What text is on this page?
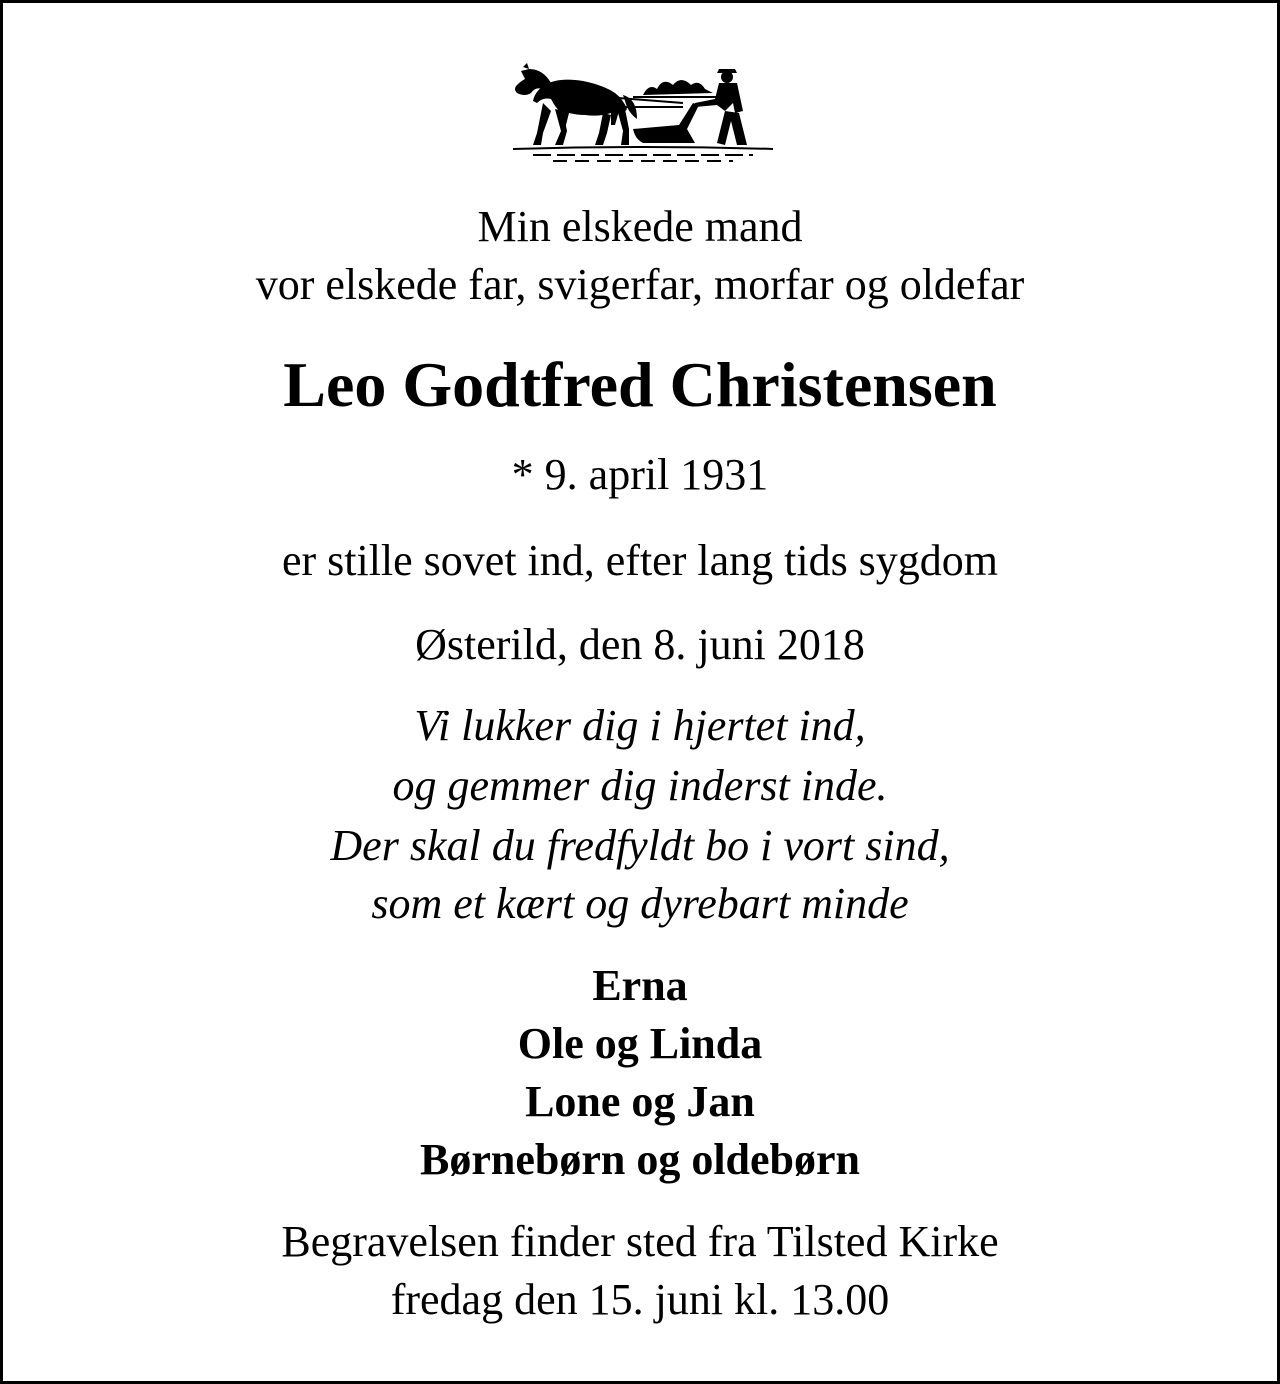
Min elskede mand
vor elskede far, svigerfar, morfar og oldefar
Leo Godtfred Christensen
* 9. april 1931
er stille sovet ind, efter lang tids sygdom
Østerild, den 8. juni 2018
Vi lukker dig i hjertet ind,
og gemmer dig inderst inde.
Der skal du fredfyldt bo i vort sind,
som et kært og dyrebart minde
Erna
Ole og Linda
Lone og Jan
Børnebørn og oldebørn
Begravelsen finder sted fra Tilsted Kirke
fredag den 15. juni kl. 13.00
